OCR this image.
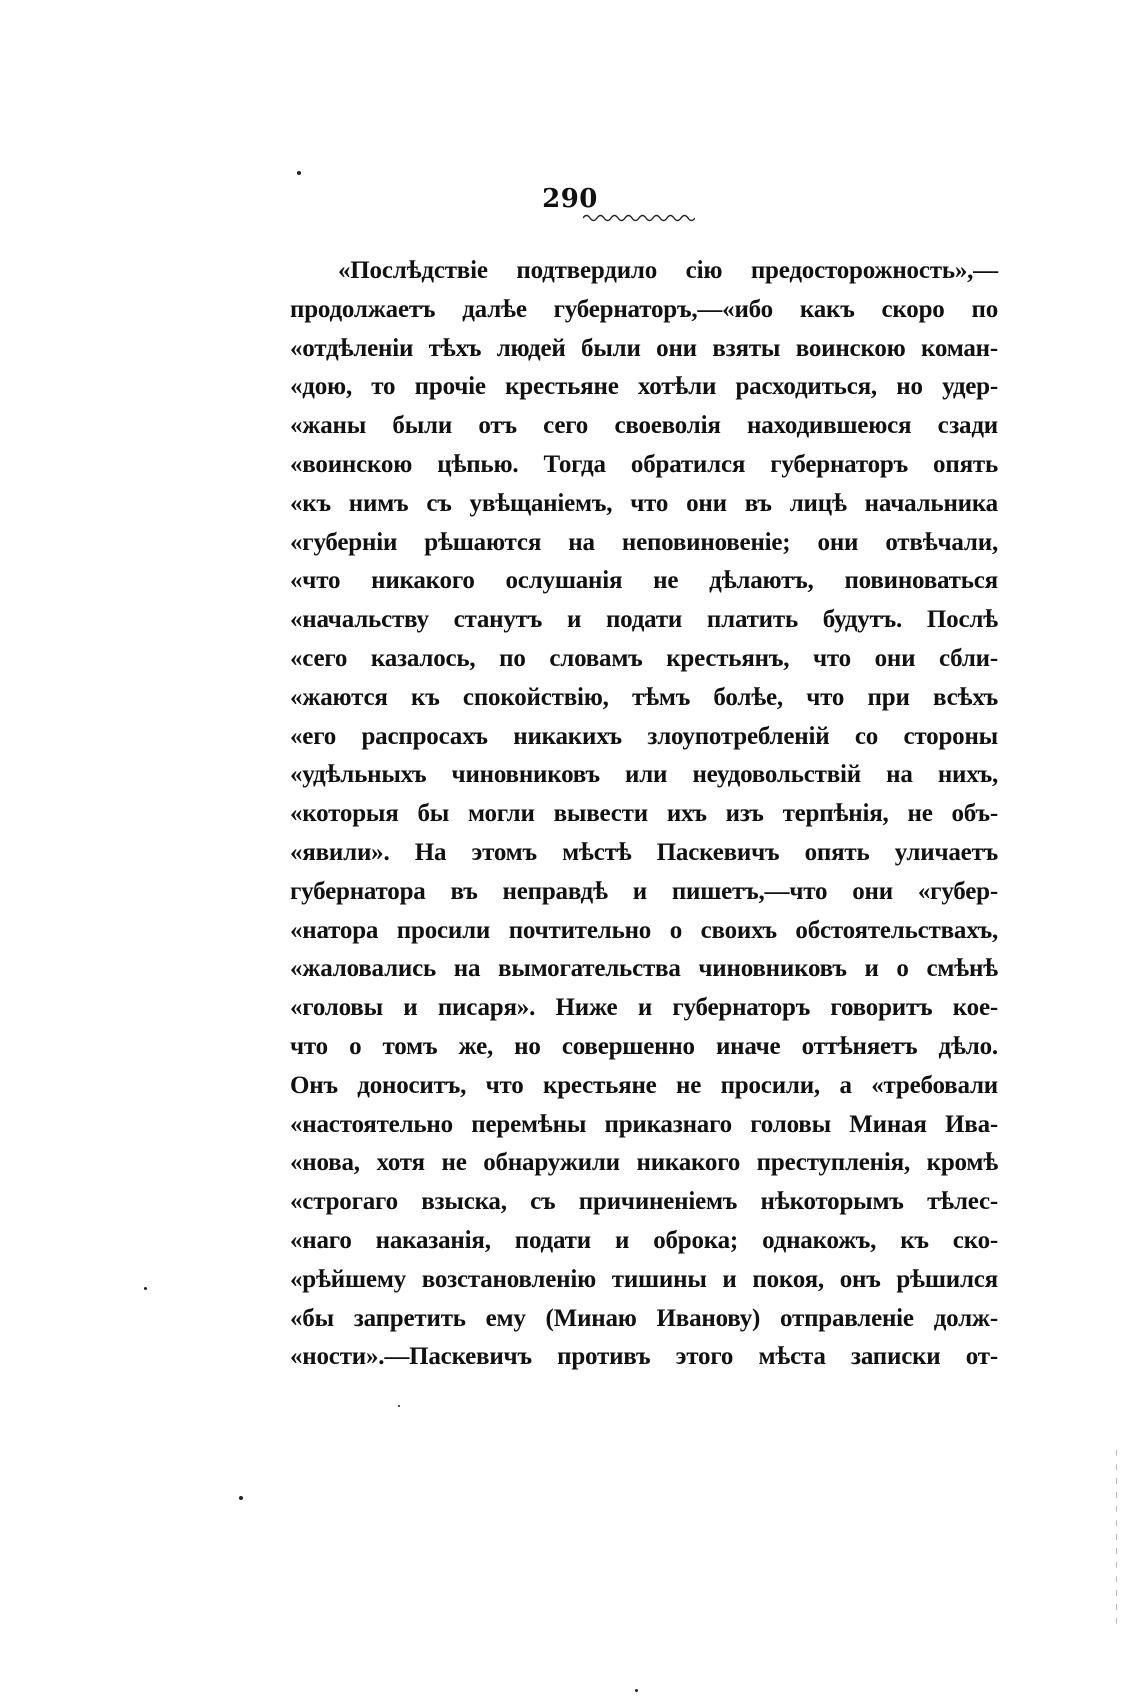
290
«Послѣдствіе подтвердило сію предосторожность»,—
продолжаетъ далѣе губернаторъ,—«ибо какъ скоро по
«отдѣленіи тѣхъ людей были они взяты воинскою коман-
«дою, то прочіе крестьяне хотѣли расходиться, но удер-
«жаны были отъ сего своеволія находившеюся сзади
«воинскою цѣпью. Тогда обратился губернаторъ опять
«къ нимъ съ увѣщаніемъ, что они въ лицѣ начальника
«губерніи рѣшаются на неповиновеніе; они отвѣчали,
«что никакого ослушанія не дѣлаютъ, повиноваться
«начальству станутъ и подати платить будутъ. Послѣ
«сего казалось, по словамъ крестьянъ, что они сбли-
«жаются къ спокойствію, тѣмъ болѣе, что при всѣхъ
«его распросахъ никакихъ злоупотребленій со стороны
«удѣльныхъ чиновниковъ или неудовольствій на нихъ,
«которыя бы могли вывести ихъ изъ терпѣнія, не объ-
«явили». На этомъ мѣстѣ Паскевичъ опять уличаетъ
губернатора въ неправдѣ и пишетъ,—что они «губер-
«натора просили почтительно о своихъ обстоятельствахъ,
«жаловались на вымогательства чиновниковъ и о смѣнѣ
«головы и писаря». Ниже и губернаторъ говоритъ кое-
что о томъ же, но совершенно иначе оттѣняетъ дѣло.
Онъ доноситъ, что крестьяне не просили, а «требовали
«настоятельно перемѣны приказнаго головы Миная Ива-
«нова, хотя не обнаружили никакого преступленія, кромѣ
«строгаго взыска, съ причиненіемъ нѣкоторымъ тѣлес-
«наго наказанія, подати и оброка; однакожъ, къ ско-
«рѣйшему возстановленію тишины и покоя, онъ рѣшился
«бы запретить ему (Минаю Иванову) отправленіе долж-
«ности».—Паскевичъ противъ этого мѣста записки от-
